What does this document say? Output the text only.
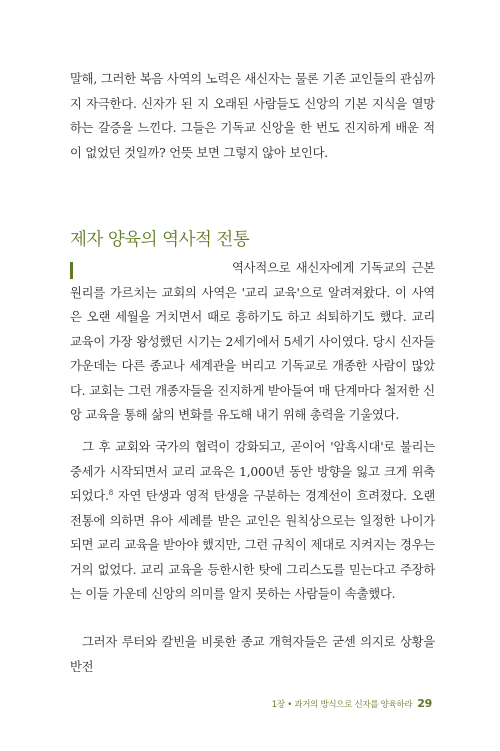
말해, 그러한 복음 사역의 노력은 새신자는 물론 기존 교인들의 관심까지 자극한다. 신자가 된 지 오래된 사람들도 신앙의 기본 지식을 열망하는 갈증을 느낀다. 그들은 기독교 신앙을 한 번도 진지하게 배운 적이 없었던 것일까? 언뜻 보면 그렇지 않아 보인다.

제자 양육의 역사적 전통

역사적으로 새신자에게 기독교의 근본 원리를 가르치는 교회의 사역은 '교리 교육'으로 알려져왔다. 이 사역은 오랜 세월을 거치면서 때로 흥하기도 하고 쇠퇴하기도 했다. 교리 교육이 가장 왕성했던 시기는 2세기에서 5세기 사이였다. 당시 신자들 가운데는 다른 종교나 세계관을 버리고 기독교로 개종한 사람이 많았다. 교회는 그런 개종자들을 진지하게 받아들여 매 단계마다 철저한 신앙 교육을 통해 삶의 변화를 유도해 내기 위해 총력을 기울였다.

그 후 교회와 국가의 협력이 강화되고, 곧이어 '암흑시대'로 불리는 중세가 시작되면서 교리 교육은 1,000년 동안 방향을 잃고 크게 위축되었다.$^8$ 자연 탄생과 영적 탄생을 구분하는 경계선이 흐려졌다. 오랜 전통에 의하면 유아 세례를 받은 교인은 원칙상으로는 일정한 나이가 되면 교리 교육을 받아야 했지만, 그런 규칙이 제대로 지켜지는 경우는 거의 없었다. 교리 교육을 등한시한 탓에 그리스도를 믿는다고 주장하는 이들 가운데 신앙의 의미를 알지 못하는 사람들이 속출했다.

그러자 루터와 칼빈을 비롯한 종교 개혁자들은 굳센 의지로 상황을 반전

1장 • 과거의 방식으로 신자를 양육하라 29
